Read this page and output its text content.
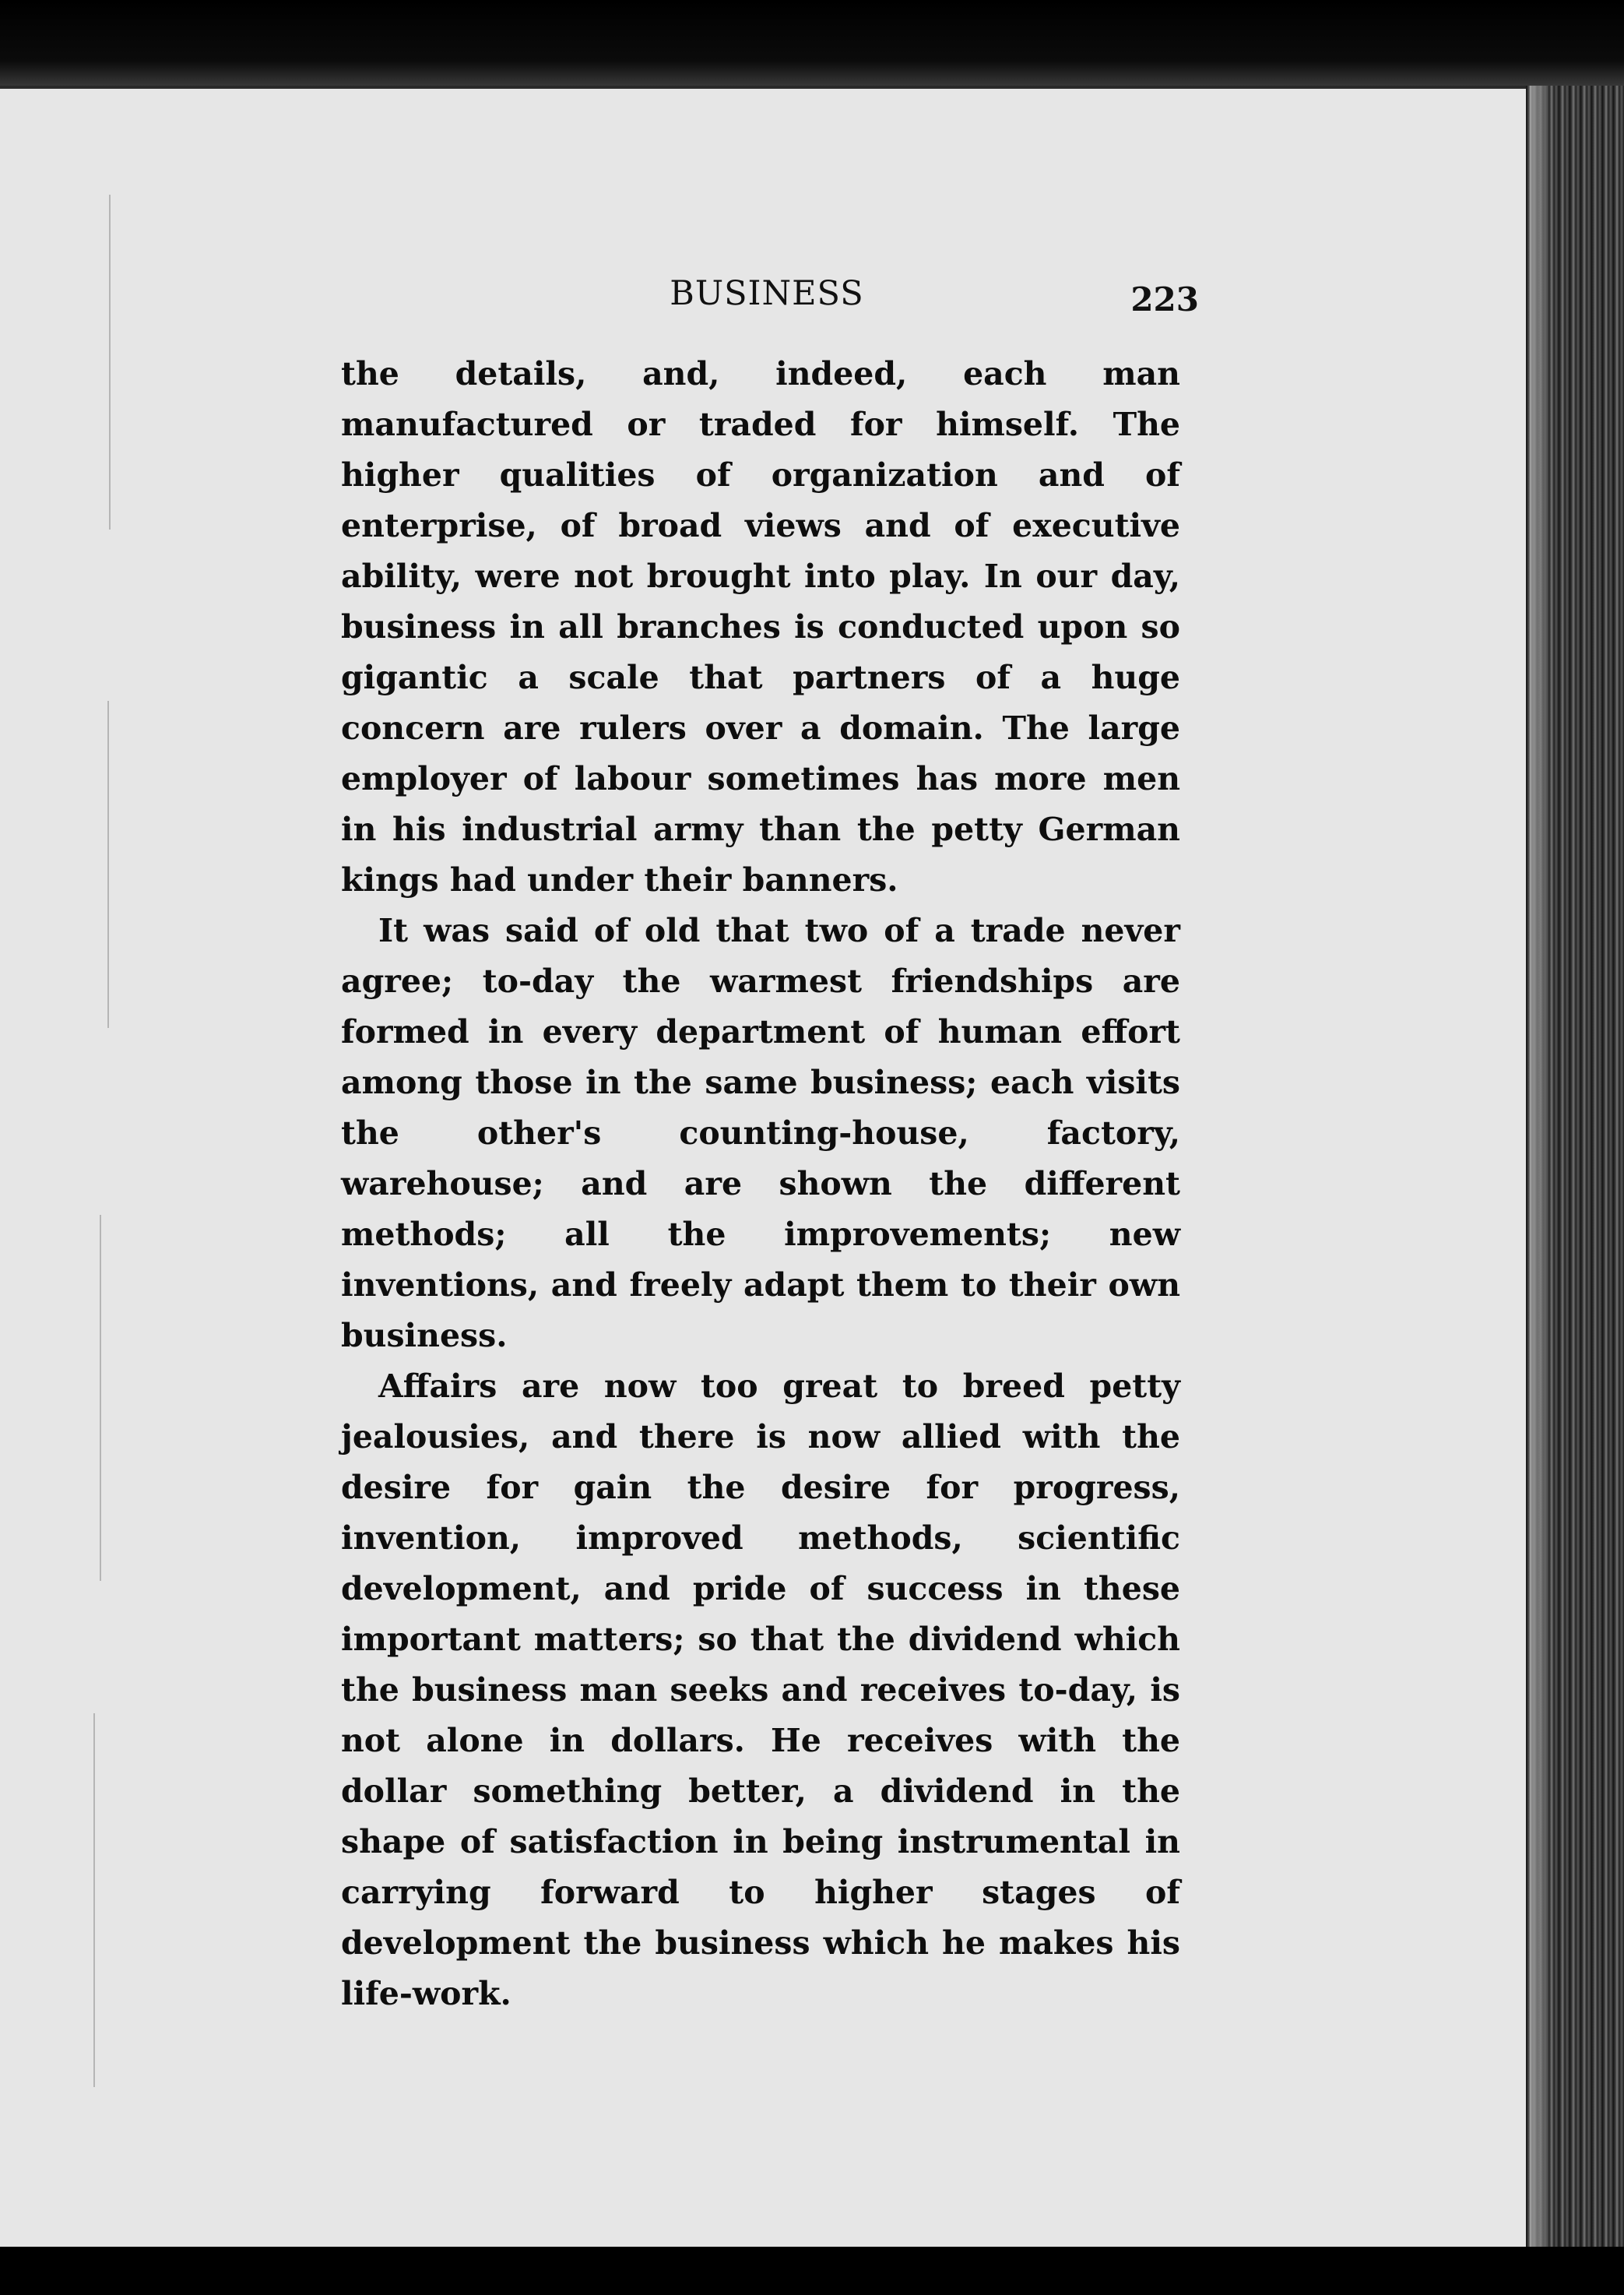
BUSINESS	223

the details, and, indeed, each man manufactured or traded for himself. The higher qualities of organization and of enterprise, of broad views and of executive ability, were not brought into play. In our day, business in all branches is conducted upon so gigantic a scale that partners of a huge concern are rulers over a domain. The large employer of labour sometimes has more men in his industrial army than the petty German kings had under their banners.

It was said of old that two of a trade never agree; to-day the warmest friendships are formed in every department of human effort among those in the same business; each visits the other's counting-house, factory, warehouse; and are shown the different methods; all the improvements; new inventions, and freely adapt them to their own business.

Affairs are now too great to breed petty jealousies, and there is now allied with the desire for gain the desire for progress, invention, improved methods, scientific development, and pride of success in these important matters; so that the dividend which the business man seeks and receives to-day, is not alone in dollars. He receives with the dollar something better, a dividend in the shape of satisfaction in being instrumental in carrying forward to higher stages of development the business which he makes his life-work.
